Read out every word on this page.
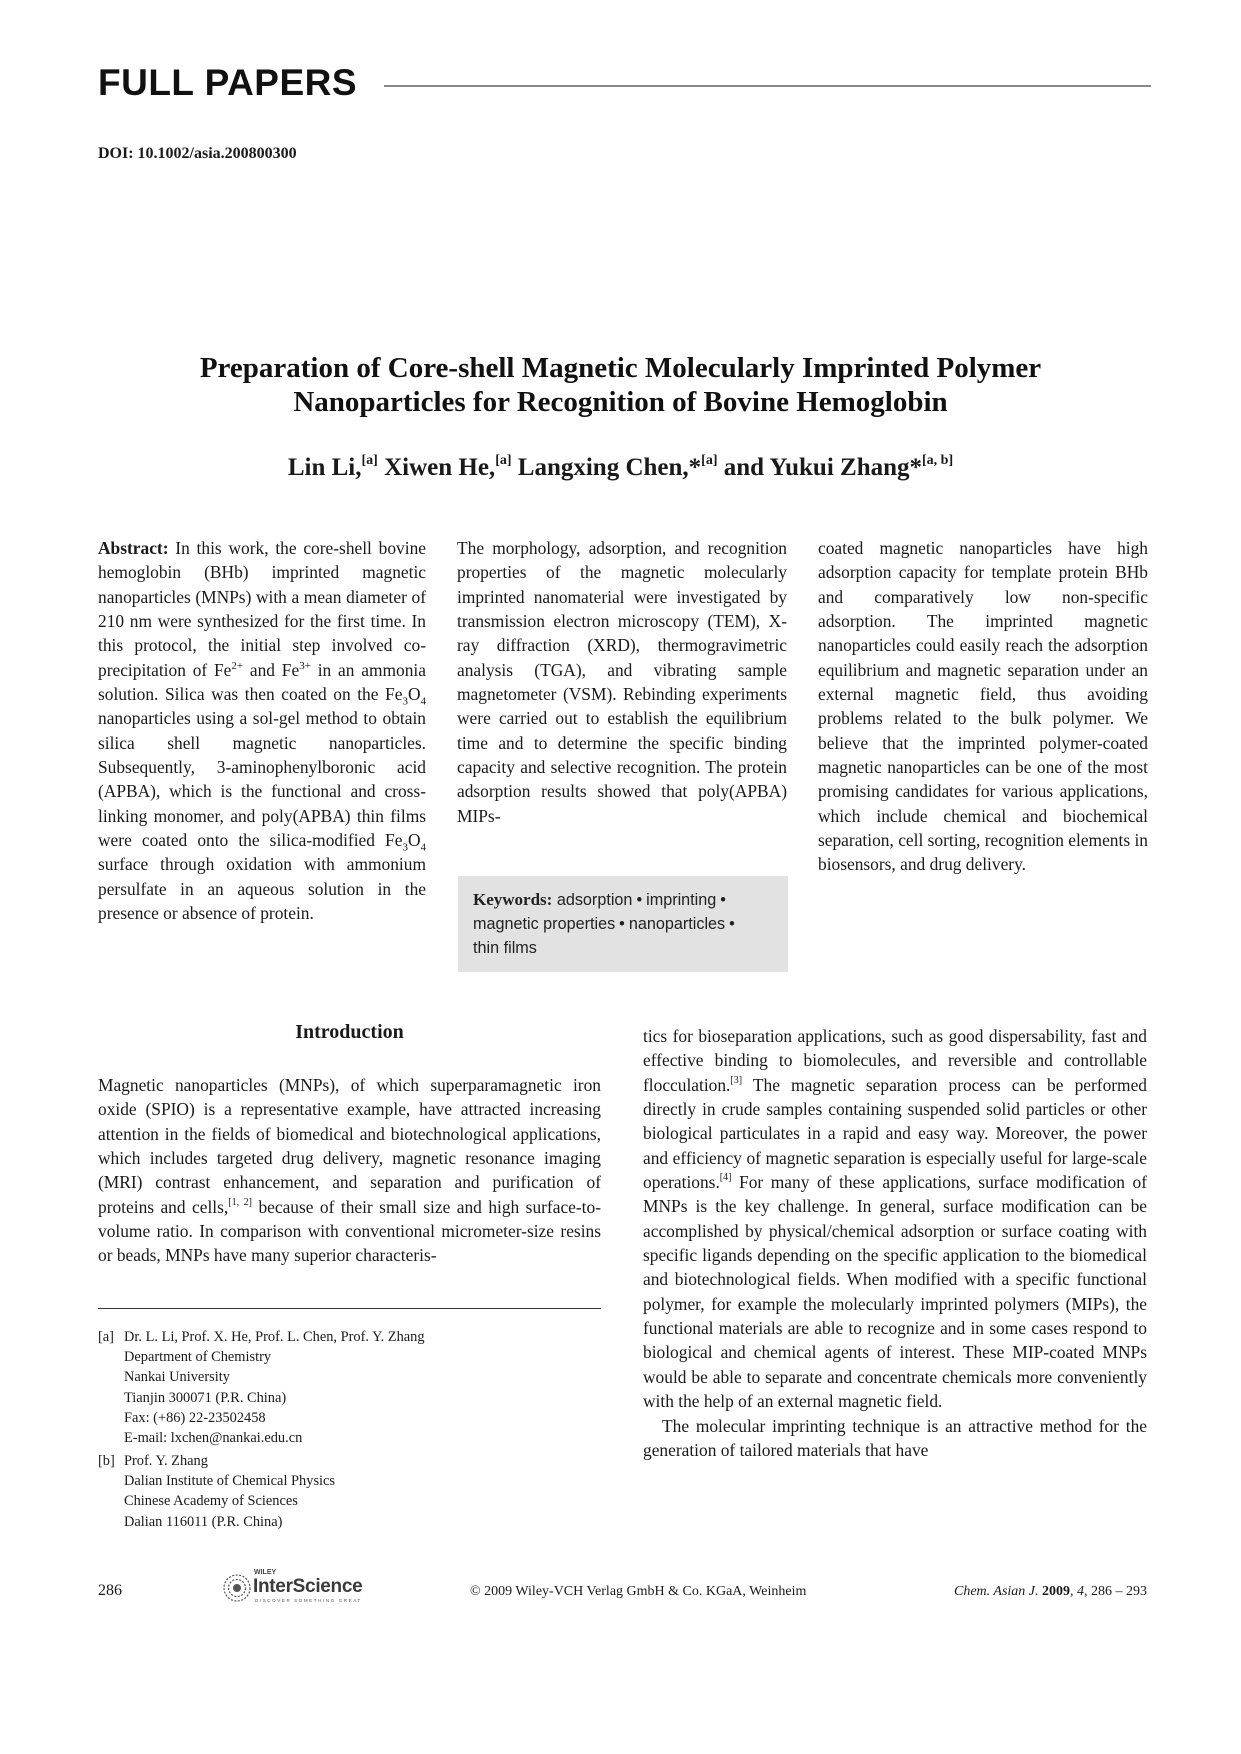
FULL PAPERS
DOI: 10.1002/asia.200800300
Preparation of Core-shell Magnetic Molecularly Imprinted Polymer
Nanoparticles for Recognition of Bovine Hemoglobin
Lin Li,[a] Xiwen He,[a] Langxing Chen,*[a] and Yukui Zhang*[a, b]

Abstract: In this work, the core-shell bovine hemoglobin (BHb) imprinted magnetic nanoparticles (MNPs) with a mean diameter of 210 nm were synthesized for the first time. In this protocol, the initial step involved co-precipitation of $Fe^{2+}$ and $Fe^{3+}$ in an ammonia solution. Silica was then coated on the $Fe_3O_4$ nanoparticles using a sol-gel method to obtain silica shell magnetic nanoparticles. Subsequently, 3-aminophenylboronic acid (APBA), which is the functional and cross-linking monomer, and poly(APBA) thin films were coated onto the silica-modified $Fe_3O_4$ surface through oxidation with ammonium persulfate in an aqueous solution in the presence or absence of protein.

The morphology, adsorption, and recognition properties of the magnetic molecularly imprinted nanomaterial were investigated by transmission electron microscopy (TEM), X-ray diffraction (XRD), thermogravimetric analysis (TGA), and vibrating sample magnetometer (VSM). Rebinding experiments were carried out to establish the equilibrium time and to determine the specific binding capacity and selective recognition. The protein adsorption results showed that poly(APBA) MIPs-

Keywords: adsorption • imprinting •
magnetic properties • nanoparticles •
thin films

coated magnetic nanoparticles have high adsorption capacity for template protein BHb and comparatively low non-specific adsorption. The imprinted magnetic nanoparticles could easily reach the adsorption equilibrium and magnetic separation under an external magnetic field, thus avoiding problems related to the bulk polymer. We believe that the imprinted polymer-coated magnetic nanoparticles can be one of the most promising candidates for various applications, which include chemical and biochemical separation, cell sorting, recognition elements in biosensors, and drug delivery.

Introduction

Magnetic nanoparticles (MNPs), of which superparamagnetic iron oxide (SPIO) is a representative example, have attracted increasing attention in the fields of biomedical and biotechnological applications, which includes targeted drug delivery, magnetic resonance imaging (MRI) contrast enhancement, and separation and purification of proteins and cells,[1, 2] because of their small size and high surface-to-volume ratio. In comparison with conventional micrometer-size resins or beads, MNPs have many superior characteris-

[a] Dr. L. Li, Prof. X. He, Prof. L. Chen, Prof. Y. Zhang
Department of Chemistry
Nankai University
Tianjin 300071 (P.R. China)
Fax: (+86) 22-23502458
E-mail: lxchen@nankai.edu.cn
[b] Prof. Y. Zhang
Dalian Institute of Chemical Physics
Chinese Academy of Sciences
Dalian 116011 (P.R. China)

tics for bioseparation applications, such as good dispersability, fast and effective binding to biomolecules, and reversible and controllable flocculation.[3] The magnetic separation process can be performed directly in crude samples containing suspended solid particles or other biological particulates in a rapid and easy way. Moreover, the power and efficiency of magnetic separation is especially useful for large-scale operations.[4] For many of these applications, surface modification of MNPs is the key challenge. In general, surface modification can be accomplished by physical/chemical adsorption or surface coating with specific ligands depending on the specific application to the biomedical and biotechnological fields. When modified with a specific functional polymer, for example the molecularly imprinted polymers (MIPs), the functional materials are able to recognize and in some cases respond to biological and chemical agents of interest. These MIP-coated MNPs would be able to separate and concentrate chemicals more conveniently with the help of an external magnetic field.

The molecular imprinting technique is an attractive method for the generation of tailored materials that have

286
WILEY
InterScience
DISCOVER SOMETHING GREAT
© 2009 Wiley-VCH Verlag GmbH & Co. KGaA, Weinheim	Chem. Asian J. 2009, 4, 286 – 293
